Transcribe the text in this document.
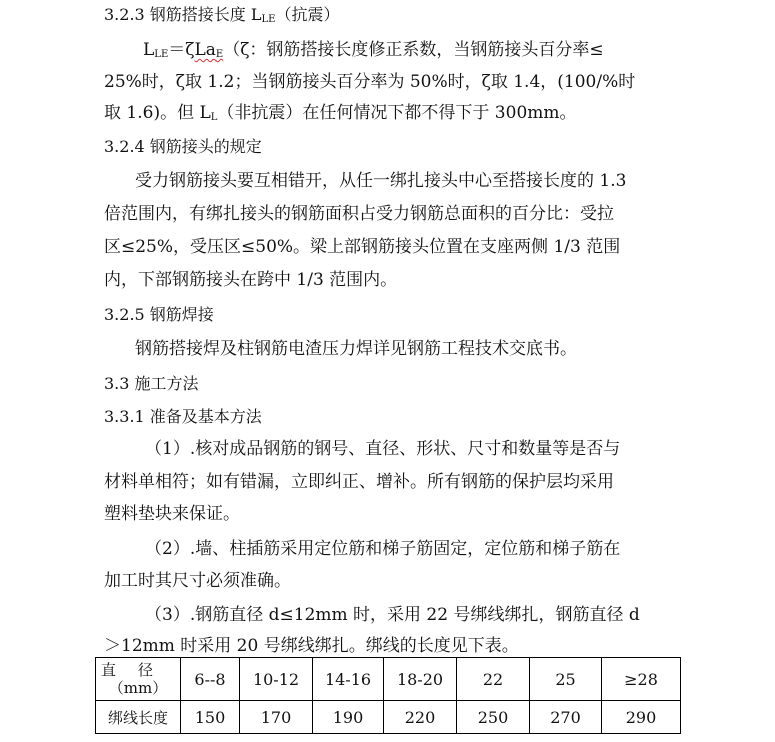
3.2.3 钢筋搭接长度 $L_{LE}$（抗震）
$L_{LE}=\zeta La_E(\zeta$：钢筋搭接长度修正系数，当钢筋接头百分率≤
25%时，ζ取 1.2；当钢筋接头百分率为 50%时，ζ取 1.4，(100/%时
取 1.6)。但 $L_L$（非抗震）在任何情况下都不得下于 300mm。
3.2.4 钢筋接头的规定
受力钢筋接头要互相错开，从任一绑扎接头中心至搭接长度的 1.3
倍范围内，有绑扎接头的钢筋面积占受力钢筋总面积的百分比：受拉
区≤25%，受压区≤50%。梁上部钢筋接头位置在支座两侧 1/3 范围
内，下部钢筋接头在跨中 1/3 范围内。
3.2.5 钢筋焊接
钢筋搭接焊及柱钢筋电渣压力焊详见钢筋工程技术交底书。
3.3 施工方法
3.3.1 准备及基本方法
（1）.核对成品钢筋的钢号、直径、形状、尺寸和数量等是否与
材料单相符；如有错漏，立即纠正、增补。所有钢筋的保护层均采用
塑料垫块来保证。
（2）.墙、柱插筋采用定位筋和梯子筋固定，定位筋和梯子筋在
加工时其尺寸必须准确。
（3）.钢筋直径 d≤12mm 时，采用 22 号绑线绑扎，钢筋直径 d
＞12mm 时采用 20 号绑线绑扎。绑线的长度见下表。
直径
（mm）	6--8	10-12	14-16	18-20	22	25	≥28
绑线长度	150	170	190	220	250	270	290
